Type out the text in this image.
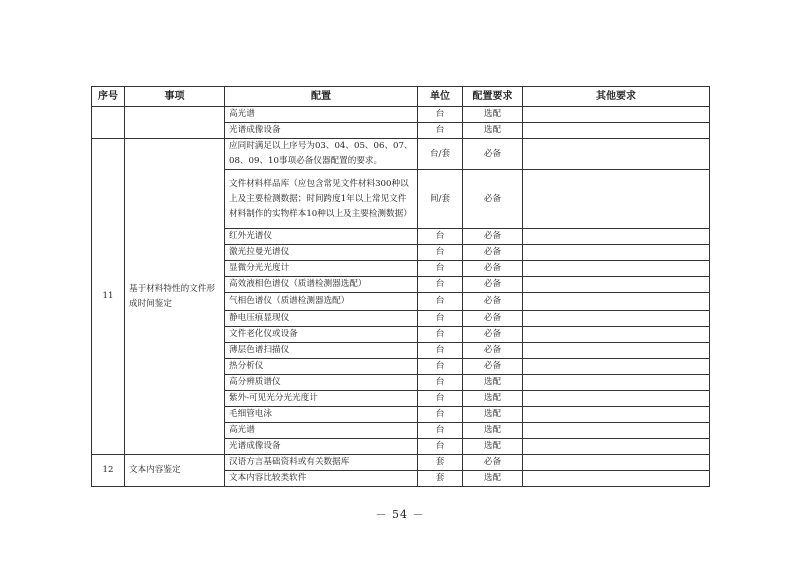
序号	事项	配置	单位	配置要求	其他要求
		高光谱	台	选配	
		光谱成像设备	台	选配	
11	基于材料特性的文件形成时间鉴定	应同时满足以上序号为03、04、05、06、07、08、09、10事项必备仪器配置的要求。	台/套	必备	
		文件材料样品库（应包含常见文件材料300种以上及主要检测数据；时间跨度1年以上常见文件材料制作的实物样本10种以上及主要检测数据）	间/套	必备	
		红外光谱仪	台	必备	
		激光拉曼光谱仪	台	必备	
		显微分光光度计	台	必备	
		高效液相色谱仪（质谱检测器选配）	台	必备	
		气相色谱仪（质谱检测器选配）	台	必备	
		静电压痕显现仪	台	必备	
		文件老化仪或设备	台	必备	
		薄层色谱扫描仪	台	必备	
		热分析仪	台	必备	
		高分辨质谱仪	台	选配	
		紫外-可见光分光光度计	台	选配	
		毛细管电泳	台	选配	
		高光谱	台	选配	
		光谱成像设备	台	选配	
12	文本内容鉴定	汉语方言基础资料或有关数据库	套	必备	
		文本内容比较类软件	套	选配	
－ 54 －
